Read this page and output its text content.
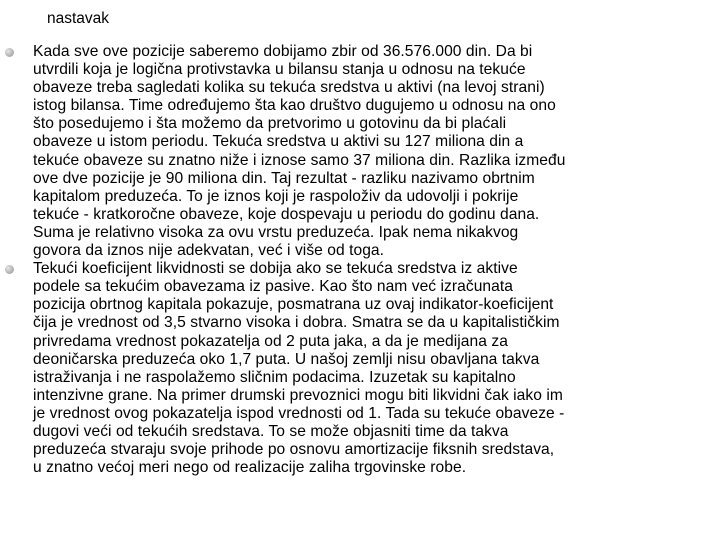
nastavak
Kada sve ove pozicije saberemo dobijamo zbir od 36.576.000 din. Da bi
utvrdili koja je logična protivstavka u bilansu stanja u odnosu na tekuće
obaveze treba sagledati kolika su tekuća sredstva u aktivi (na levoj strani)
istog bilansa. Time određujemo šta kao društvo dugujemo u odnosu na ono
što posedujemo i šta možemo da pretvorimo u gotovinu da bi plaćali
obaveze u istom periodu. Tekuća sredstva u aktivi su 127 miliona din a
tekuće obaveze su znatno niže i iznose samo 37 miliona din. Razlika između
ove dve pozicije je 90 miliona din. Taj rezultat - razliku nazivamo obrtnim
kapitalom preduzeća. To je iznos koji je raspoloživ da udovolji i pokrije
tekuće - kratkoročne obaveze, koje dospevaju u periodu do godinu dana.
Suma je relativno visoka za ovu vrstu preduzeća. Ipak nema nikakvog
govora da iznos nije adekvatan, već i više od toga.
Tekući koeficijent likvidnosti se dobija ako se tekuća sredstva iz aktive
podele sa tekućim obavezama iz pasive. Kao što nam već izračunata
pozicija obrtnog kapitala pokazuje, posmatrana uz ovaj indikator-koeficijent
čija je vrednost od 3,5 stvarno visoka i dobra. Smatra se da u kapitalističkim
privredama vrednost pokazatelja od 2 puta jaka, a da je medijana za
deoničarska preduzeća oko 1,7 puta. U našoj zemlji nisu obavljana takva
istraživanja i ne raspolažemo sličnim podacima. Izuzetak su kapitalno
intenzivne grane. Na primer drumski prevoznici mogu biti likvidni čak iako im
je vrednost ovog pokazatelja ispod vrednosti od 1. Tada su tekuće obaveze -
dugovi veći od tekućih sredstava. To se može objasniti time da takva
preduzeća stvaraju svoje prihode po osnovu amortizacije fiksnih sredstava,
u znatno većoj meri nego od realizacije zaliha trgovinske robe.
